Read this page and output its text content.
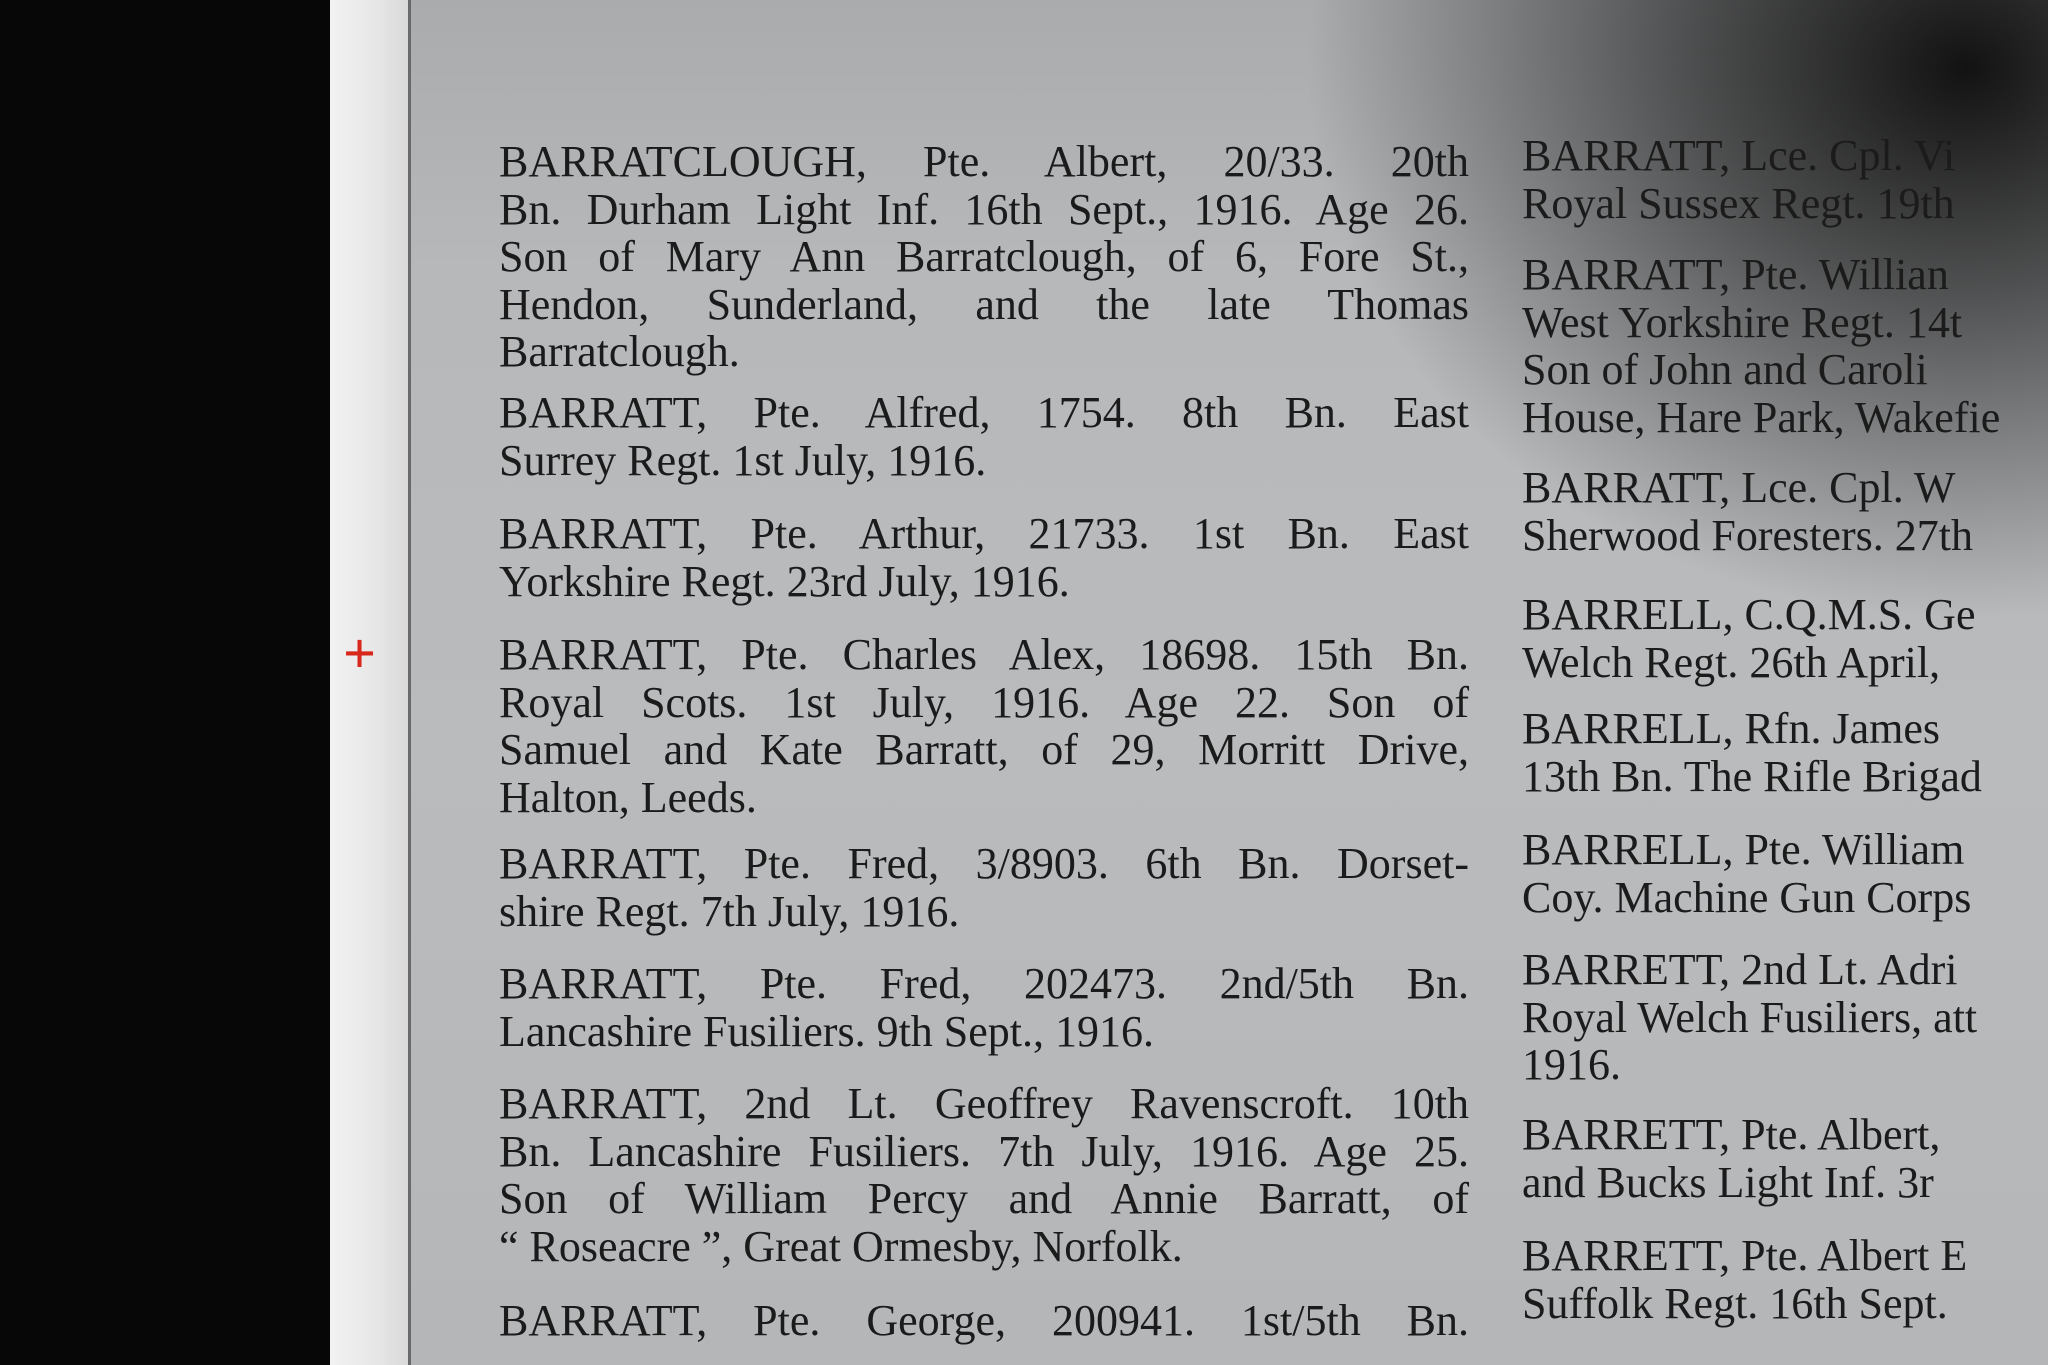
+
BARRATCLOUGH, Pte. Albert, 20/33. 20th
Bn. Durham Light Inf. 16th Sept., 1916. Age 26.
Son of Mary Ann Barratclough, of 6, Fore St.,
Hendon, Sunderland, and the late Thomas
Barratclough.
BARRATT, Pte. Alfred, 1754. 8th Bn. East
Surrey Regt. 1st July, 1916.
BARRATT, Pte. Arthur, 21733. 1st Bn. East
Yorkshire Regt. 23rd July, 1916.
BARRATT, Pte. Charles Alex, 18698. 15th Bn.
Royal Scots. 1st July, 1916. Age 22. Son of
Samuel and Kate Barratt, of 29, Morritt Drive,
Halton, Leeds.
BARRATT, Pte. Fred, 3/8903. 6th Bn. Dorset-
shire Regt. 7th July, 1916.
BARRATT, Pte. Fred, 202473. 2nd/5th Bn.
Lancashire Fusiliers. 9th Sept., 1916.
BARRATT, 2nd Lt. Geoffrey Ravenscroft. 10th
Bn. Lancashire Fusiliers. 7th July, 1916. Age 25.
Son of William Percy and Annie Barratt, of
“ Roseacre ”, Great Ormesby, Norfolk.
BARRATT, Pte. George, 200941. 1st/5th Bn.
BARRATT, Lce. Cpl. Vi
Royal Sussex Regt. 19th
BARRATT, Pte. Willian
West Yorkshire Regt. 14t
Son of John and Caroli
House, Hare Park, Wakefie
BARRATT, Lce. Cpl. W
Sherwood Foresters. 27th
BARRELL, C.Q.M.S. Ge
Welch Regt. 26th April,
BARRELL, Rfn. James
13th Bn. The Rifle Brigad
BARRELL, Pte. William
Coy. Machine Gun Corps
BARRETT, 2nd Lt. Adri
Royal Welch Fusiliers, att
1916.
BARRETT, Pte. Albert,
and Bucks Light Inf. 3r
BARRETT, Pte. Albert E
Suffolk Regt. 16th Sept.
